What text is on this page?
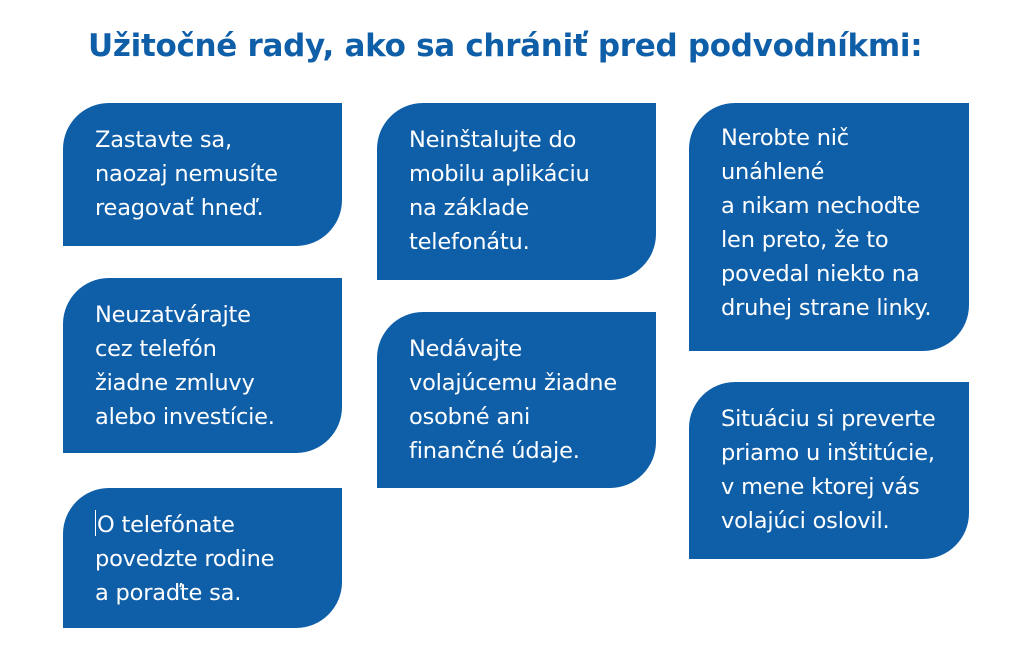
Užitočné rady, ako sa chrániť pred podvodníkmi:
Zastavte sa,
naozaj nemusíte
reagovať hneď.
Neuzatvárajte
cez telefón
žiadne zmluvy
alebo investície.
O telefónate
povedzte rodine
a poraďte sa.
Neinštalujte do
mobilu aplikáciu
na základe
telefonátu.
Nedávajte
volajúcemu žiadne
osobné ani
finančné údaje.
Nerobte nič
unáhlené
a nikam nechoďte
len preto, že to
povedal niekto na
druhej strane linky.
Situáciu si preverte
priamo u inštitúcie,
v mene ktorej vás
volajúci oslovil.
